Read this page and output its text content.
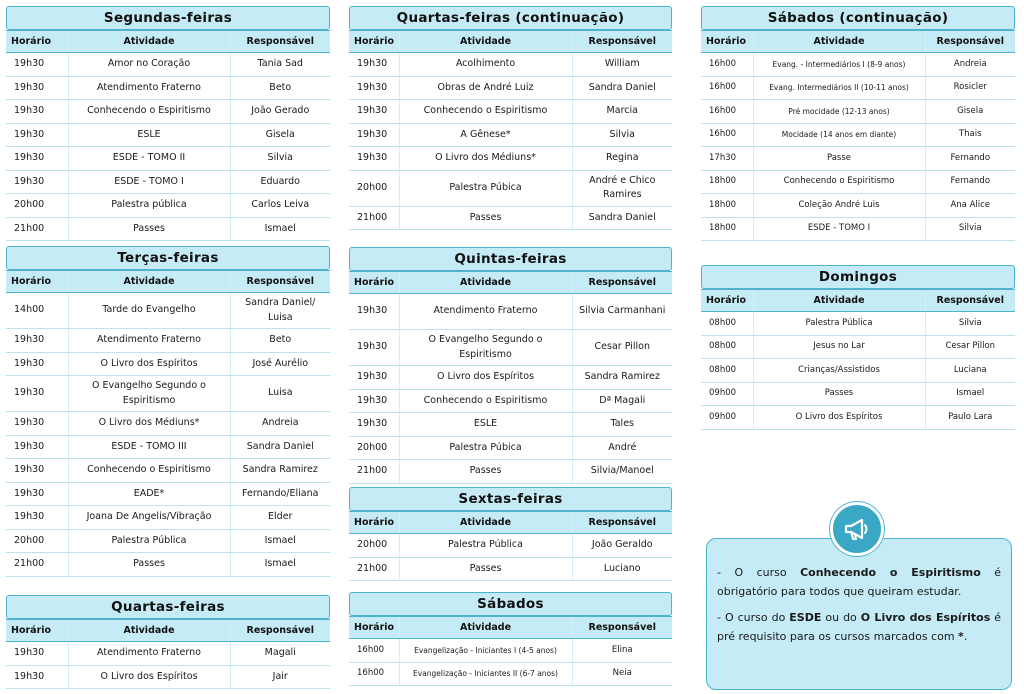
Segundas-feiras
Horário	Atividade	Responsável
19h30	Amor no Coração	Tania Sad
19h30	Atendimento Fraterno	Beto
19h30	Conhecendo o Espiritismo	João Gerado
19h30	ESLE	Gisela
19h30	ESDE - TOMO II	Silvia
19h30	ESDE - TOMO I	Eduardo
20h00	Palestra pública	Carlos Leiva
21h00	Passes	Ismael
Terças-feiras
Horário	Atividade	Responsável
14h00	Tarde do Evangelho	Sandra Daniel/ Luisa
19h30	Atendimento Fraterno	Beto
19h30	O Livro dos Espíritos	José Aurélio
19h30	O Evangelho Segundo o Espiritismo	Luisa
19h30	O Livro dos Médiuns*	Andreia
19h30	ESDE - TOMO III	Sandra Daniel
19h30	Conhecendo o Espiritismo	Sandra Ramirez
19h30	EADE*	Fernando/Eliana
19h30	Joana De Angelis/Vibração	Elder
20h00	Palestra Pública	Ismael
21h00	Passes	Ismael
Quartas-feiras
Horário	Atividade	Responsável
19h30	Atendimento Fraterno	Magali
19h30	O Livro dos Espíritos	Jair
Quartas-feiras (continuação)
Horário	Atividade	Responsável
19h30	Acolhimento	William
19h30	Obras de André Luiz	Sandra Daniel
19h30	Conhecendo o Espiritismo	Marcia
19h30	A Gênese*	Silvia
19h30	O Livro dos Médiuns*	Regina
20h00	Palestra Púbica	André e Chico Ramires
21h00	Passes	Sandra Daniel
Quintas-feiras
Horário	Atividade	Responsável
19h30	Atendimento Fraterno	Silvia Carmanhani
19h30	O Evangelho Segundo o Espiritismo	Cesar Pillon
19h30	O Livro dos Espíritos	Sandra Ramirez
19h30	Conhecendo o Espiritismo	Dª Magali
19h30	ESLE	Tales
20h00	Palestra Púbica	André
21h00	Passes	Silvia/Manoel
Sextas-feiras
Horário	Atividade	Responsável
20h00	Palestra Pública	João Geraldo
21h00	Passes	Luciano
Sábados
Horário	Atividade	Responsável
16h00	Evangelização - Iniciantes I (4-5 anos)	Elina
16h00	Evangelização - Iniciantes II (6-7 anos)	Neia
Sábados (continuação)
Horário	Atividade	Responsável
16h00	Evang. - Intermediários I (8-9 anos)	Andreia
16h00	Evang. Intermediários II (10-11 anos)	Rosicler
16h00	Pré mocidade (12-13 anos)	Gisela
16h00	Mocidade (14 anos em diante)	Thais
17h30	Passe	Fernando
18h00	Conhecendo o Espiritismo	Fernando
18h00	Coleção André Luis	Ana Alice
18h00	ESDE - TOMO I	Silvia
Domingos
Horário	Atividade	Responsável
08h00	Palestra Pública	Silvia
08h00	Jesus no Lar	Cesar Pillon
08h00	Crianças/Assistidos	Luciana
09h00	Passes	Ismael
09h00	O Livro dos Espíritos	Paulo Lara

- O curso Conhecendo o Espiritismo é obrigatório para todos que queiram estudar.

- O curso do ESDE ou do O Livro dos Espíritos é pré requisito para os cursos marcados com *.
